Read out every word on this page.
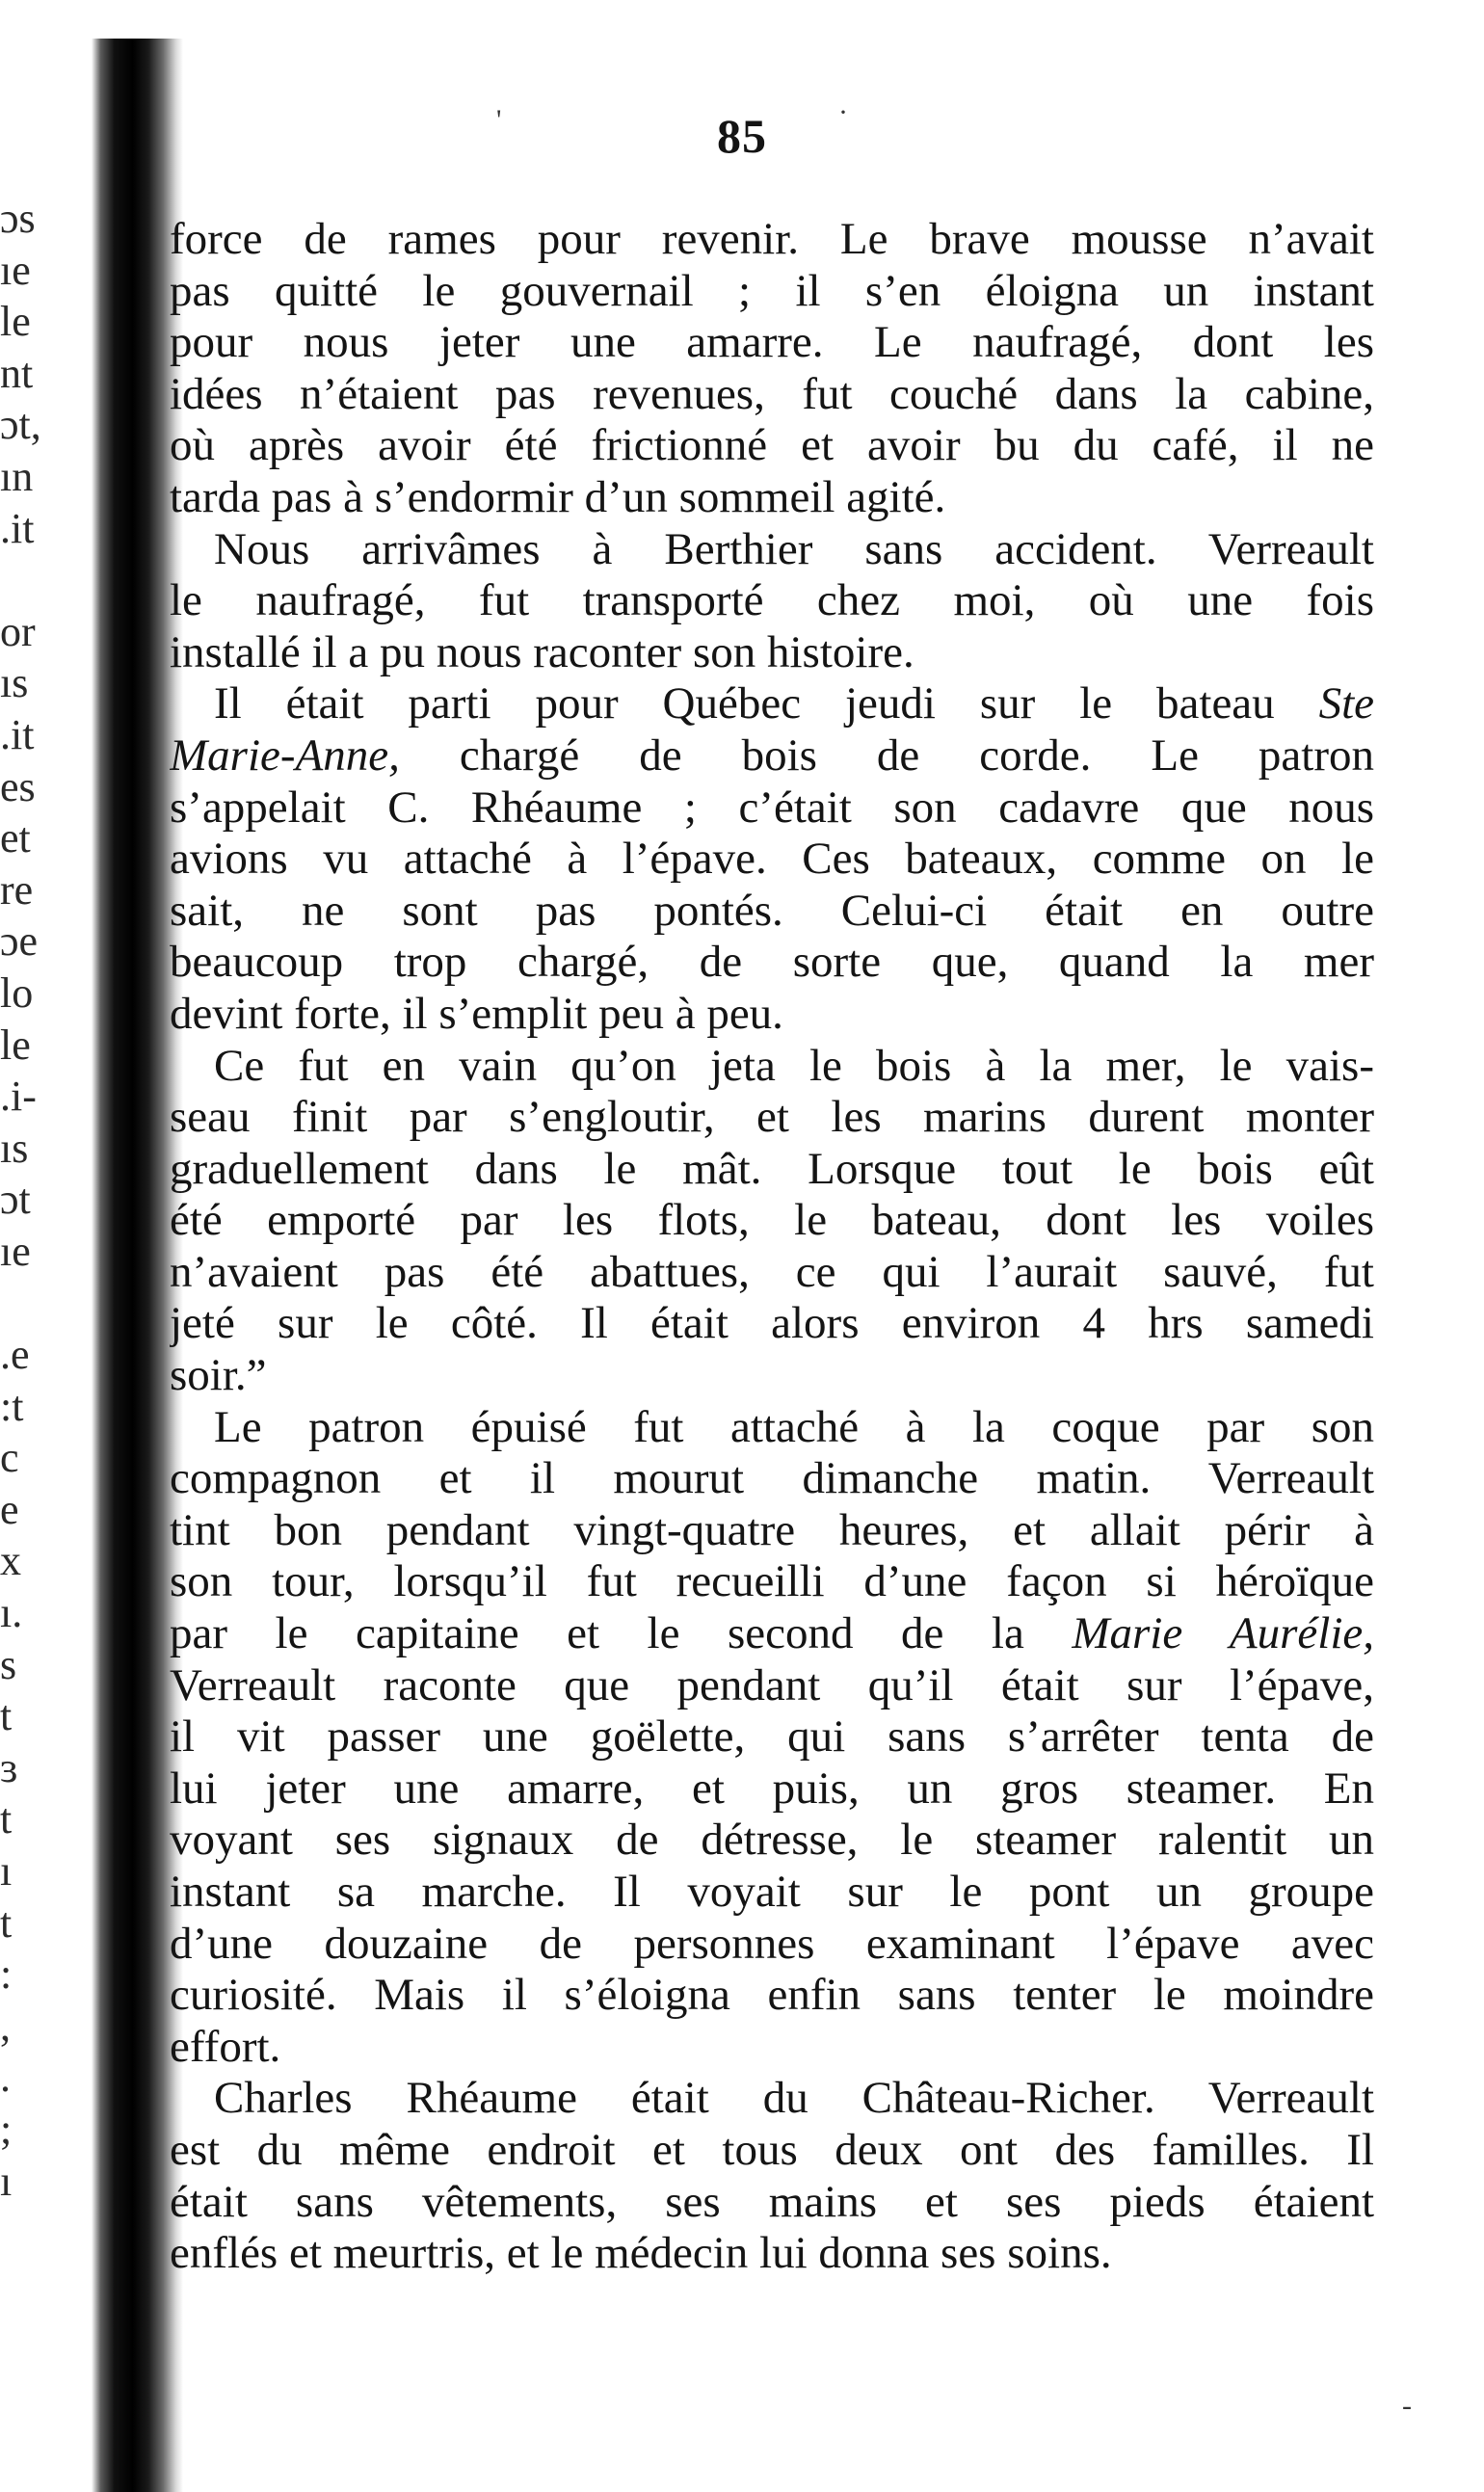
ɔs
ıe
le
nt
ɔt,
ın
.it
or
ıs
.it
es
et
re
ɔe
lo
le
.i-
ıs
ɔt
ıe
.e
:t
c
e
x
ı.
s
t
ɜ
t
ı
t
:
,
.
;
ı
85
force de rames pour revenir. Le brave mousse n’avait
pas quitté le gouvernail ; il s’en éloigna un instant
pour nous jeter une amarre. Le naufragé, dont les
idées n’étaient pas revenues, fut couché dans la cabine,
où après avoir été frictionné et avoir bu du café, il ne
tarda pas à s’endormir d’un sommeil agité.
Nous arrivâmes à Berthier sans accident. Verreault
le naufragé, fut transporté chez moi, où une fois
installé il a pu nous raconter son histoire.
Il était parti pour Québec jeudi sur le bateau Ste
Marie-Anne, chargé de bois de corde. Le patron
s’appelait C. Rhéaume ; c’était son cadavre que nous
avions vu attaché à l’épave. Ces bateaux, comme on le
sait, ne sont pas pontés. Celui-ci était en outre
beaucoup trop chargé, de sorte que, quand la mer
devint forte, il s’emplit peu à peu.
Ce fut en vain qu’on jeta le bois à la mer, le vais-
seau finit par s’engloutir, et les marins durent monter
graduellement dans le mât. Lorsque tout le bois eût
été emporté par les flots, le bateau, dont les voiles
n’avaient pas été abattues, ce qui l’aurait sauvé, fut
jeté sur le côté. Il était alors environ 4 hrs samedi
soir.”
Le patron épuisé fut attaché à la coque par son
compagnon et il mourut dimanche matin. Verreault
tint bon pendant vingt-quatre heures, et allait périr à
son tour, lorsqu’il fut recueilli d’une façon si héroïque
par le capitaine et le second de la Marie Aurélie,
Verreault raconte que pendant qu’il était sur l’épave,
il vit passer une goëlette, qui sans s’arrêter tenta de
lui jeter une amarre, et puis, un gros steamer. En
voyant ses signaux de détresse, le steamer ralentit un
instant sa marche. Il voyait sur le pont un groupe
d’une douzaine de personnes examinant l’épave avec
curiosité. Mais il s’éloigna enfin sans tenter le moindre
effort.
Charles Rhéaume était du Château-Richer. Verreault
est du même endroit et tous deux ont des familles. Il
était sans vêtements, ses mains et ses pieds étaient
enflés et meurtris, et le médecin lui donna ses soins.
'	·
-
